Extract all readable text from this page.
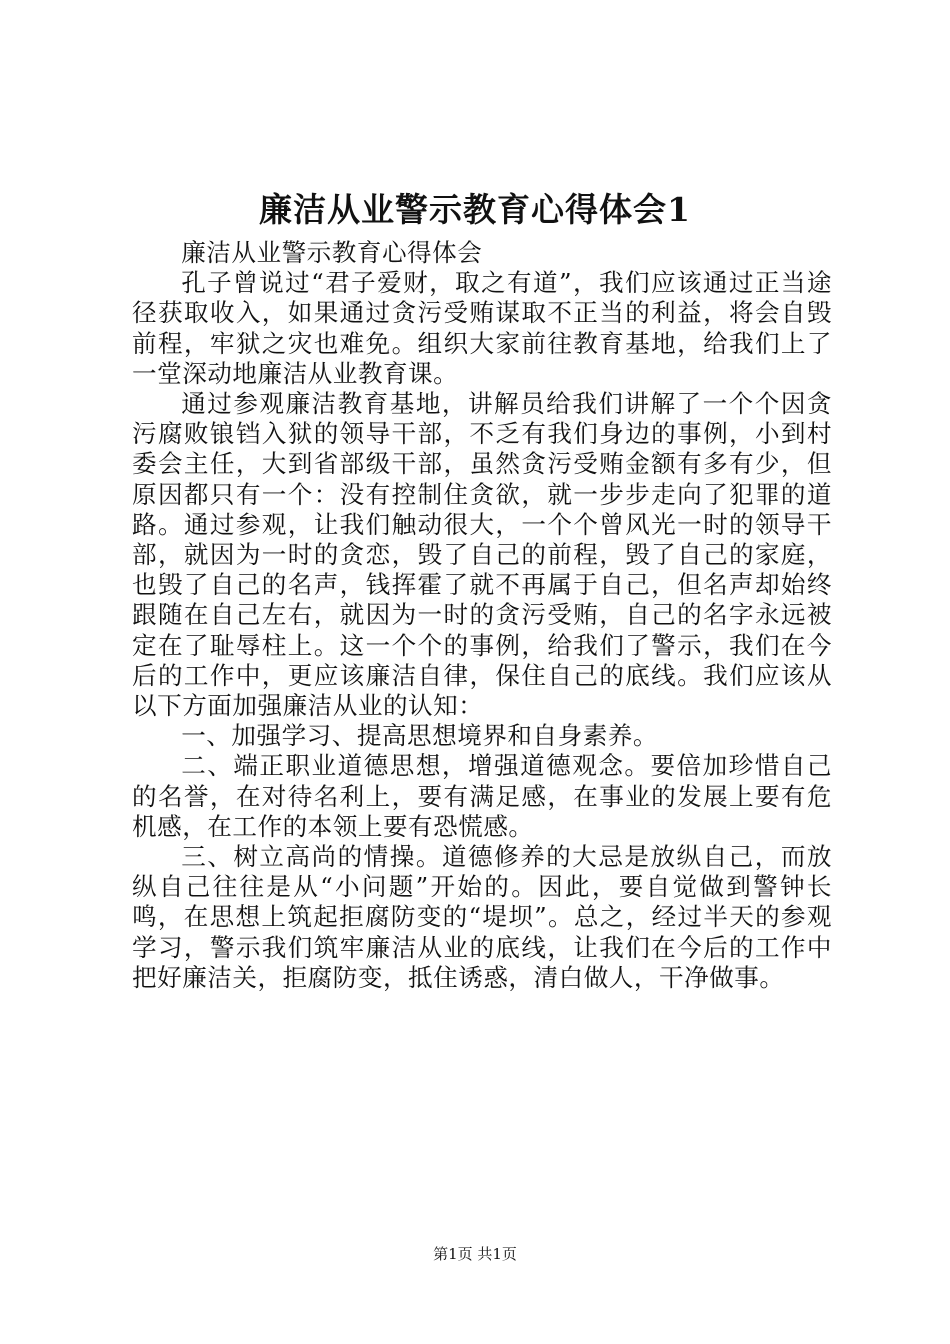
廉洁从业警示教育心得体会1

廉洁从业警示教育心得体会

孔子曾说过“君子爱财，取之有道”，我们应该通过正当途径获取收入，如果通过贪污受贿谋取不正当的利益，将会自毁前程，牢狱之灾也难免。组织大家前往教育基地，给我们上了一堂深动地廉洁从业教育课。

通过参观廉洁教育基地，讲解员给我们讲解了一个个因贪污腐败锒铛入狱的领导干部，不乏有我们身边的事例，小到村委会主任，大到省部级干部，虽然贪污受贿金额有多有少，但原因都只有一个：没有控制住贪欲，就一步步走向了犯罪的道路。通过参观，让我们触动很大，一个个曾风光一时的领导干部，就因为一时的贪恋，毁了自己的前程，毁了自己的家庭，也毁了自己的名声，钱挥霍了就不再属于自己，但名声却始终跟随在自己左右，就因为一时的贪污受贿，自己的名字永远被定在了耻辱柱上。这一个个的事例，给我们了警示，我们在今后的工作中，更应该廉洁自律，保住自己的底线。我们应该从以下方面加强廉洁从业的认知：

一、加强学习、提高思想境界和自身素养。

二、端正职业道德思想，增强道德观念。要倍加珍惜自己的名誉，在对待名利上，要有满足感，在事业的发展上要有危机感，在工作的本领上要有恐慌感。

三、树立高尚的情操。道德修养的大忌是放纵自己，而放纵自己往往是从“小问题”开始的。因此，要自觉做到警钟长鸣，在思想上筑起拒腐防变的“堤坝”。总之，经过半天的参观学习，警示我们筑牢廉洁从业的底线，让我们在今后的工作中把好廉洁关，拒腐防变，抵住诱惑，清白做人，干净做事。

第1页 共1页
